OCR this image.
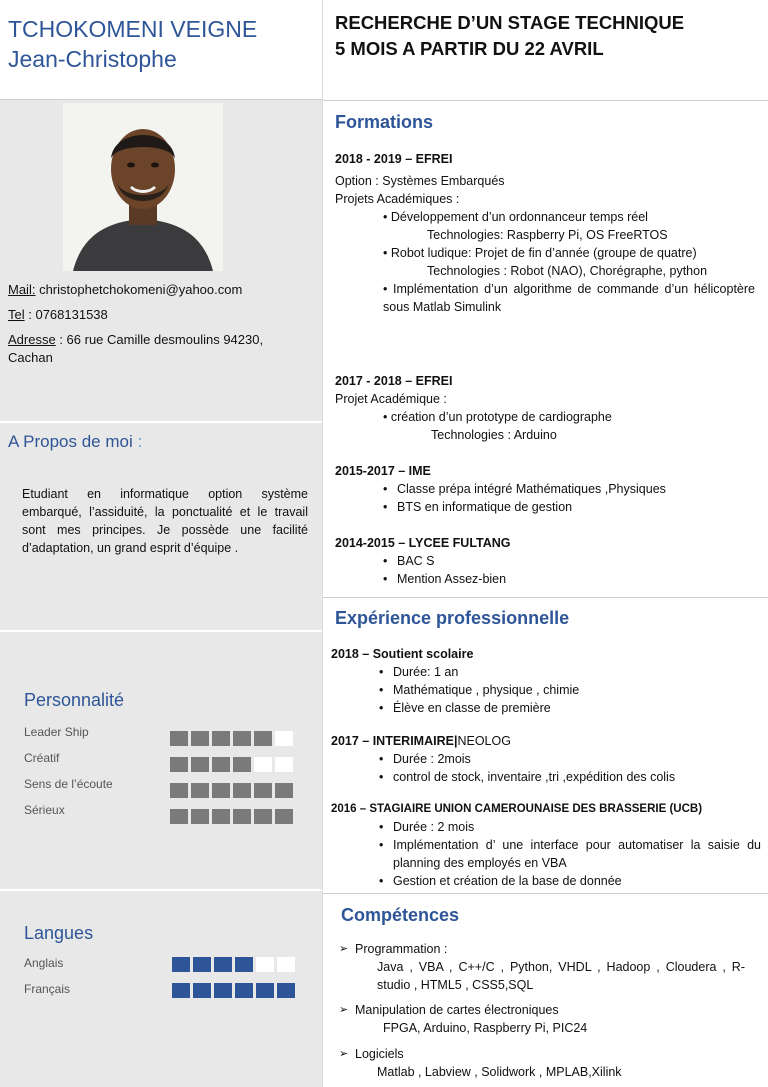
TCHOKOMENI VEIGNE
Jean-Christophe

Mail: christophetchokomeni@yahoo.com

Tel : 0768131538

Adresse : 66 rue Camille desmoulins 94230, Cachan

A Propos de moi :
Etudiant en informatique option système embarqué, l’assiduité, la ponctualité et le travail sont mes principes. Je possède une facilité d’adaptation, un grand esprit d’équipe .
Personnalité
Leader Ship
Créatif
Sens de l’écoute
Sérieux
Langues
Anglais
Français
RECHERCHE D’UN STAGE TECHNIQUE
5 MOIS A PARTIR DU 22 AVRIL
Formations
2018 - 2019 – EFREI
Option : Systèmes Embarqués
Projets Académiques :
• Développement d’un ordonnanceur temps réel
Technologies: Raspberry Pi, OS FreeRTOS
• Robot ludique: Projet de fin d’année (groupe de quatre)
Technologies : Robot (NAO), Chorégraphe, python
• Implémentation d’un algorithme de commande d’un hélicoptère sous Matlab Simulink
2017 - 2018 – EFREI
Projet Académique :
• création d’un prototype de cardiographe
Technologies : Arduino
2015-2017 – IME
• Classe prépa intégré Mathématiques ,Physiques
• BTS en informatique de gestion
2014-2015 – LYCEE FULTANG
• BAC S
• Mention Assez-bien
Expérience professionnelle
2018 – Soutient scolaire
• Durée: 1 an
• Mathématique , physique , chimie
• Élève en classe de première
2017 – INTERIMAIRE|NEOLOG
• Durée : 2mois
• control de stock, inventaire ,tri ,expédition des colis
2016 – STAGIAIRE UNION CAMEROUNAISE DES BRASSERIE (UCB)
• Durée : 2 mois
• Implémentation d’ une interface pour automatiser la saisie du planning des employés en VBA
• Gestion et création de la base de donnée
Compétences
➢ Programmation :
Java , VBA , C++/C , Python, VHDL , Hadoop , Cloudera , R-studio , HTML5 , CSS5,SQL
➢ Manipulation de cartes électroniques
FPGA, Arduino, Raspberry Pi, PIC24
➢ Logiciels
Matlab , Labview , Solidwork , MPLAB,Xilink
